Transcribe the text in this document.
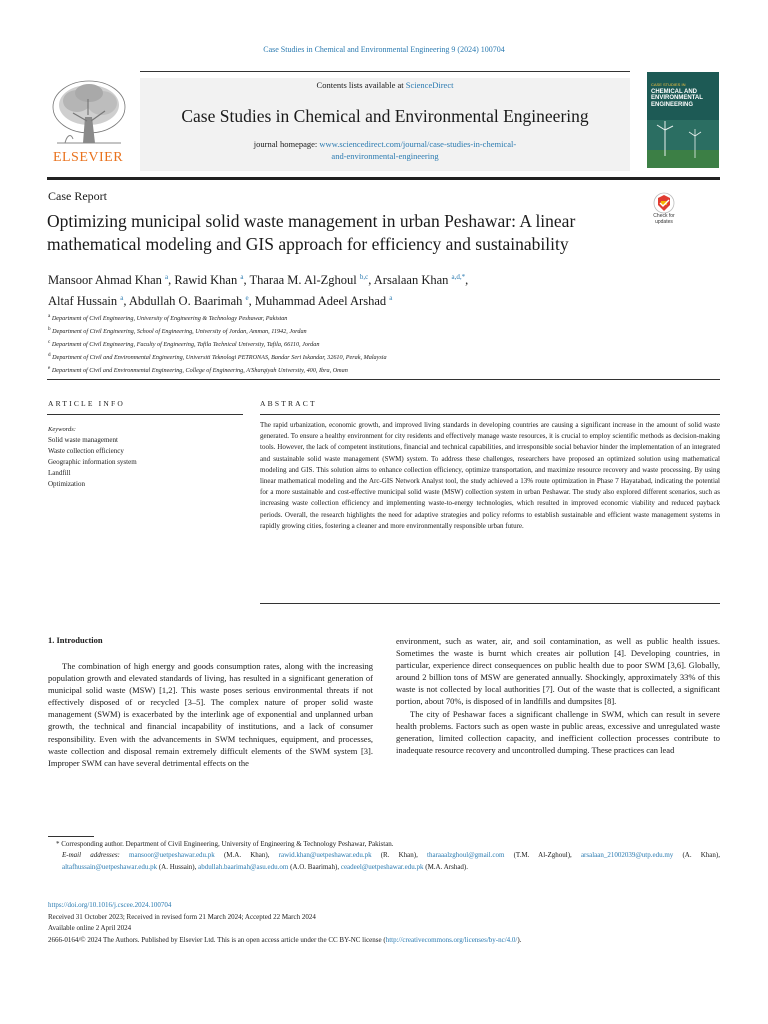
Case Studies in Chemical and Environmental Engineering 9 (2024) 100704
Contents lists available at ScienceDirect
Case Studies in Chemical and Environmental Engineering
journal homepage: www.sciencedirect.com/journal/case-studies-in-chemical-
and-environmental-engineering
ELSEVIER
CASE STUDIES IN
CHEMICAL AND ENVIRONMENTAL ENGINEERING
Case Report
Optimizing municipal solid waste management in urban Peshawar: A linear
mathematical modeling and GIS approach for efficiency and sustainability
Check for updates
Mansoor Ahmad Khan $^a$, Rawid Khan $^a$, Tharaa M. Al-Zghoul $^{b,c}$, Arsalaan Khan $^{a,d,*}$,
Altaf Hussain $^a$, Abdullah O. Baarimah $^e$, Muhammad Adeel Arshad $^a$
$^a$ Department of Civil Engineering, University of Engineering & Technology Peshawar, Pakistan
$^b$ Department of Civil Engineering, School of Engineering, University of Jordan, Amman, 11942, Jordan
$^c$ Department of Civil Engineering, Faculty of Engineering, Tafila Technical University, Tafila, 66110, Jordan
$^d$ Department of Civil and Environmental Engineering, Universiti Teknologi PETRONAS, Bandar Seri Iskandar, 32610, Perak, Malaysia
$^e$ Department of Civil and Environmental Engineering, College of Engineering, A'Sharqiyah University, 400, Ibra, Oman
ARTICLE INFO	ABSTRACT
Keywords:
Solid waste management
Waste collection efficiency
Geographic information system
Landfill
Optimization
The rapid urbanization, economic growth, and improved living standards in developing countries are causing a significant increase in the amount of solid waste generated. To ensure a healthy environment for city residents and effectively manage waste resources, it is crucial to employ scientific methods as decision-making tools. However, the lack of competent institutions, financial and technical capabilities, and irresponsible social behavior hinder the implementation of an integrated and sustainable solid waste management (SWM) system. To address these challenges, researchers have proposed an optimized solution using mathematical modeling and GIS. This solution aims to enhance collection efficiency, optimize transportation, and maximize resource recovery and waste processing. By using linear mathematical modeling and the Arc-GIS Network Analyst tool, the study achieved a 13% route optimization in Phase 7 Hayatabad, indicating the potential for a more sustainable and cost-effective municipal solid waste (MSW) collection system in urban Peshawar. The study also explored different scenarios, such as increasing waste collection efficiency and implementing waste-to-energy technologies, which resulted in improved economic viability and reduced payback periods. Overall, the research highlights the need for adaptive strategies and policy reforms to establish sustainable and efficient waste management systems in rapidly growing cities, fostering a cleaner and more environmentally responsible urban future.
1. Introduction

The combination of high energy and goods consumption rates, along with the increasing population growth and elevated standards of living, has resulted in a significant generation of municipal solid waste (MSW) [1,2]. This waste poses serious environmental threats if not effectively disposed of or recycled [3–5]. The complex nature of proper solid waste management (SWM) is exacerbated by the interlink age of exponential and unplanned urban growth, the technical and financial incapability of institutions, and a lack of consumer responsibility. Even with the advancements in SWM techniques, equipment, and processes, waste collection and disposal remain extremely difficult elements of the SWM system [3]. Improper SWM can have several detrimental effects on the

environment, such as water, air, and soil contamination, as well as public health issues. Sometimes the waste is burnt which creates air pollution [4]. Developing countries, in particular, experience direct consequences on public health due to poor SWM [3,6]. Globally, around 2 billion tons of MSW are generated annually. Shockingly, approximately 33% of this waste is not collected by local authorities [7]. Out of the waste that is collected, a significant portion, about 70%, is disposed of in landfills and dumpsites [8].

The city of Peshawar faces a significant challenge in SWM, which can result in severe health problems. Factors such as open waste in public areas, excessive and unregulated waste generation, limited collection capacity, and inefficient collection processes contribute to inadequate resource recovery and uncontrolled dumping. These practices can lead

* Corresponding author. Department of Civil Engineering, University of Engineering & Technology Peshawar, Pakistan.
E-mail addresses: mansoor@uetpeshawar.edu.pk (M.A. Khan), rawid.khan@uetpeshawar.edu.pk (R. Khan), tharaaalzghoul@gmail.com (T.M. Al-Zghoul), arsalaan_21002039@utp.edu.my (A. Khan), altafhussain@uetpeshawar.edu.pk (A. Hussain), abdullah.baarimah@asu.edu.om (A.O. Baarimah), ceadeel@uetpeshawar.edu.pk (M.A. Arshad).
https://doi.org/10.1016/j.cscee.2024.100704
Received 31 October 2023; Received in revised form 21 March 2024; Accepted 22 March 2024
Available online 2 April 2024
2666-0164/© 2024 The Authors. Published by Elsevier Ltd. This is an open access article under the CC BY-NC license (http://creativecommons.org/licenses/by-nc/4.0/).
